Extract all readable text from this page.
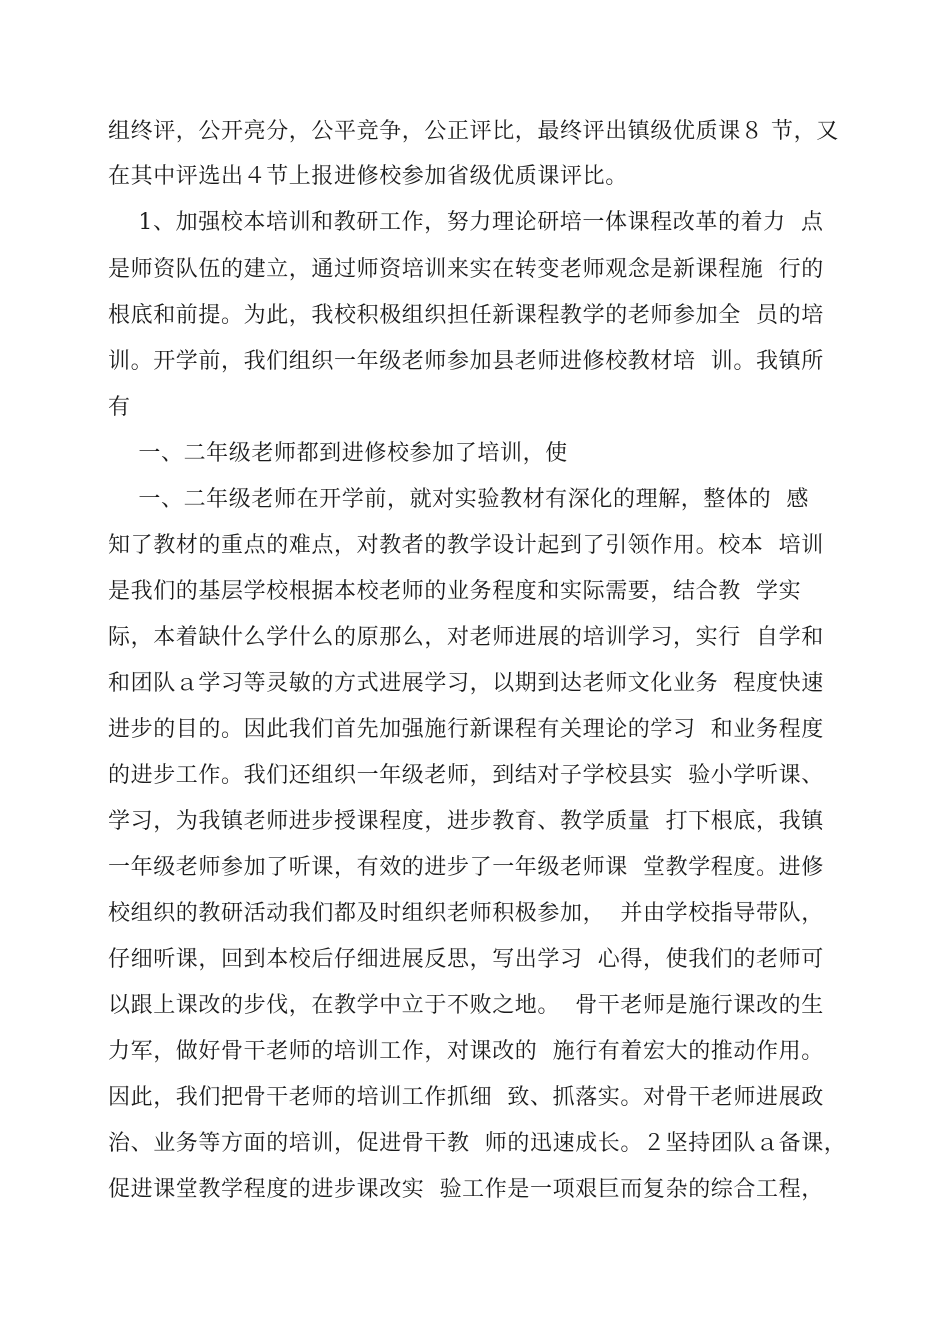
组终评，公开亮分，公平竞争，公正评比，最终评出镇级优质课８ 节，又
在其中评选出４节上报进修校参加省级优质课评比。
1、加强校本培训和教研工作，努力理论研培一体课程改革的着力  点
是师资队伍的建立，通过师资培训来实在转变老师观念是新课程施  行的
根底和前提。为此，我校积极组织担任新课程教学的老师参加全  员的培
训。开学前，我们组织一年级老师参加县老师进修校教材培  训。我镇所
有
一、二年级老师都到进修校参加了培训，使
一、二年级老师在开学前，就对实验教材有深化的理解，整体的  感
知了教材的重点的难点，对教者的教学设计起到了引领作用。校本  培训
是我们的基层学校根据本校老师的业务程度和实际需要，结合教  学实
际，本着缺什么学什么的原那么，对老师进展的培训学习，实行  自学和
和团队ａ学习等灵敏的方式进展学习，以期到达老师文化业务  程度快速
进步的目的。因此我们首先加强施行新课程有关理论的学习  和业务程度
的进步工作。我们还组织一年级老师，到结对子学校县实  验小学听课、
学习，为我镇老师进步授课程度，进步教育、教学质量  打下根底，我镇
一年级老师参加了听课，有效的进步了一年级老师课  堂教学程度。进修
校组织的教研活动我们都及时组织老师积极参加，  并由学校指导带队，
仔细听课，回到本校后仔细进展反思，写出学习  心得，使我们的老师可
以跟上课改的步伐，在教学中立于不败之地。  骨干老师是施行课改的生
力军，做好骨干老师的培训工作，对课改的  施行有着宏大的推动作用。
因此，我们把骨干老师的培训工作抓细  致、抓落实。对骨干老师进展政
治、业务等方面的培训，促进骨干教  师的迅速成长。２坚持团队ａ备课，
促进课堂教学程度的进步课改实  验工作是一项艰巨而复杂的综合工程，
